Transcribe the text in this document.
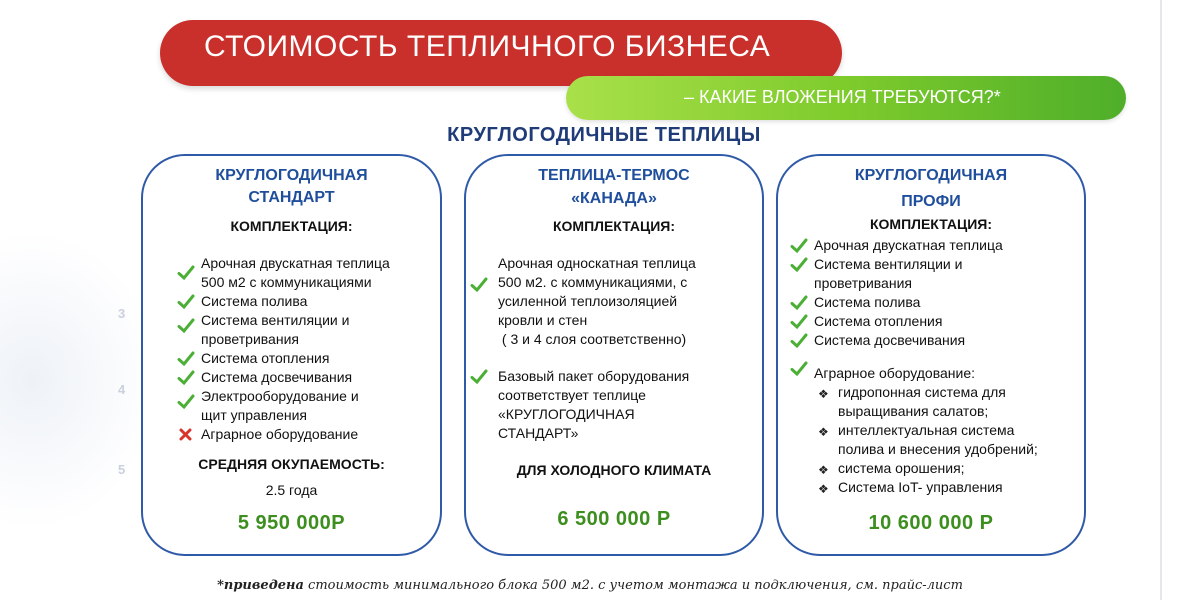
3
4
5
СТОИМОСТЬ ТЕПЛИЧНОГО БИЗНЕСА
– КАКИЕ ВЛОЖЕНИЯ ТРЕБУЮТСЯ?*
КРУГЛОГОДИЧНЫЕ ТЕПЛИЦЫ
КРУГЛОГОДИЧНАЯ
СТАНДАРТ
КОМПЛЕКТАЦИЯ:
Арочная двускатная теплица
500 м2 с коммуникациями
Система полива
Система вентиляции и
проветривания
Система отопления
Система досвечивания
Электрооборудование и
щит управления
Аграрное оборудование
СРЕДНЯЯ ОКУПАЕМОСТЬ:
2.5 года
5 950 000Р
ТЕПЛИЦА-ТЕРМОС
«КАНАДА»
КОМПЛЕКТАЦИЯ:
Арочная односкатная теплица
500 м2. с коммуникациями, с
усиленной теплоизоляцией
кровли и стен
( 3 и 4 слоя соответственно)
Базовый пакет оборудования
соответствует теплице
«КРУГЛОГОДИЧНАЯ
СТАНДАРТ»
ДЛЯ ХОЛОДНОГО КЛИМАТА
6 500 000 Р
КРУГЛОГОДИЧНАЯ
ПРОФИ
КОМПЛЕКТАЦИЯ:
Арочная двускатная теплица
Система вентиляции и
проветривания
Система полива
Система отопления
Система досвечивания
Аграрное оборудование:
❖ гидропонная система для
выращивания салатов;
❖ интеллектуальная система
полива и внесения удобрений;
❖ система орошения;
❖ Система IoT- управления
10 600 000 Р
*приведена стоимость минимального блока 500 м2. с учетом монтажа и подключения, см. прайс-лист
